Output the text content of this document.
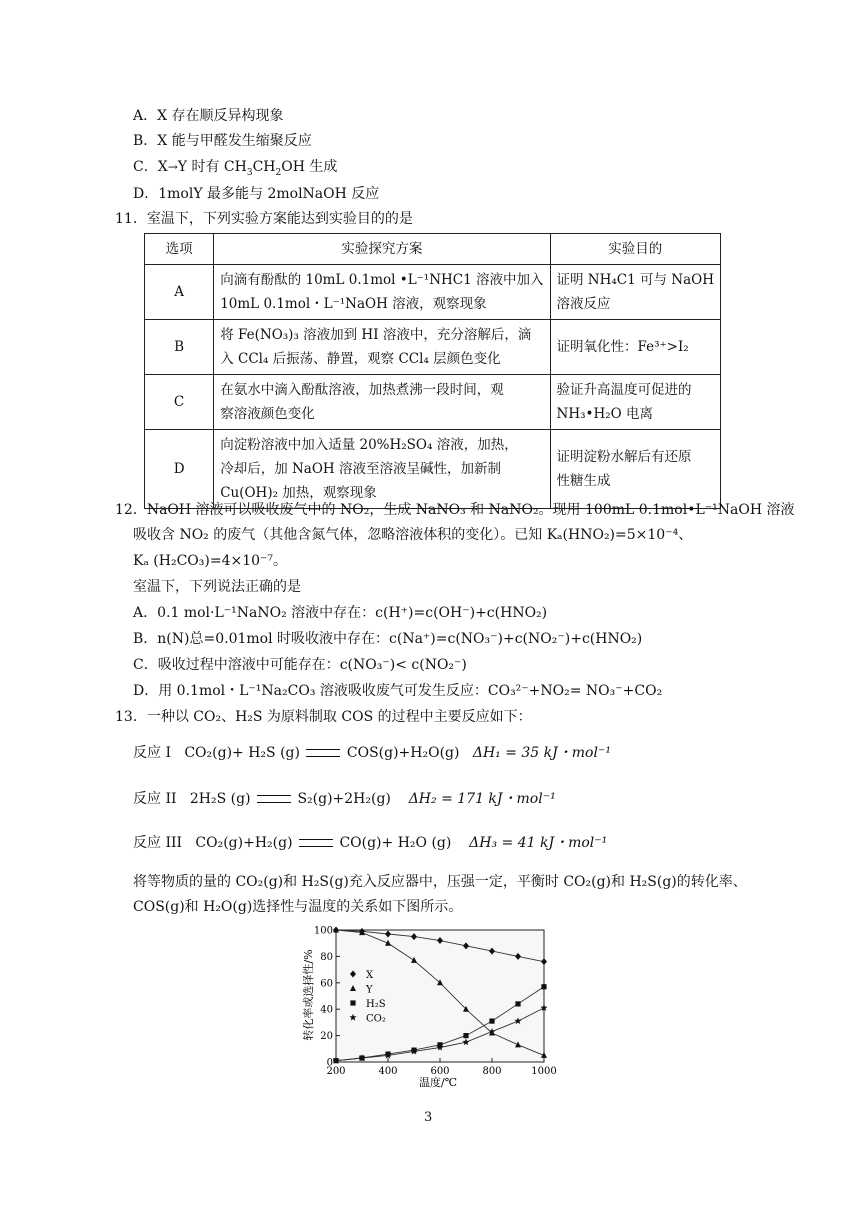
A．X 存在顺反异构现象
B．X 能与甲醛发生缩聚反应
C．X→Y 时有 $CH_3CH_2OH$ 生成
D．1molY 最多能与 2molNaOH 反应
11．室温下，下列实验方案能达到实验目的的是
选项	实验探究方案	实验目的
A	向滴有酚酞的 10mL 0.1mol •L⁻¹NHC1 溶液中加入
10mL 0.1mol・L⁻¹NaOH 溶液，观察现象	证明 NH₄C1 可与 NaOH
溶液反应

B	将 Fe(NO₃)₃ 溶液加到 HI 溶液中，充分溶解后，滴
入 CCl₄ 后振荡、静置，观察 CCl₄ 层颜色变化	证明氧化性：Fe³⁺>I₂

C	在氨水中滴入酚酞溶液，加热煮沸一段时间，观
察溶液颜色变化	验证升高温度可促进的
NH₃•H₂O 电离

D	向淀粉溶液中加入适量 20%H₂SO₄ 溶液，加热，
冷却后，加 NaOH 溶液至溶液呈碱性，加新制
Cu(OH)₂ 加热，观察现象	证明淀粉水解后有还原
性糖生成
12．NaOH 溶液可以吸收废气中的 NO₂，生成 NaNO₃ 和 NaNO₂。现用 100mL 0.1mol•L⁻¹NaOH 溶液
吸收含 NO₂ 的废气（其他含氮气体，忽略溶液体积的变化）。已知 Kₐ(HNO₂)=5×10⁻⁴、
Kₐ (H₂CO₃)=4×10⁻⁷。
室温下，下列说法正确的是
A．0.1 mol·L⁻¹NaNO₂ 溶液中存在：c(H⁺)=c(OH⁻)+c(HNO₂)
B．n(N)总=0.01mol 时吸收液中存在：c(Na⁺)=c(NO₃⁻)+c(NO₂⁻)+c(HNO₂)
C．吸收过程中溶液中可能存在：c(NO₃⁻)< c(NO₂⁻)
D．用 0.1mol・L⁻¹Na₂CO₃ 溶液吸收废气可发生反应：CO₃²⁻+NO₂= NO₃⁻+CO₂
13．一种以 CO₂、H₂S 为原料制取 COS 的过程中主要反应如下：
反应 I CO₂(g)+ H₂S (g)	COS(g)+H₂O(g) ΔH₁ = 35 kJ・mol⁻¹
反应 II 2H₂S (g)	S₂(g)+2H₂(g) ΔH₂ = 171 kJ・mol⁻¹
反应 III CO₂(g)+H₂(g)	CO(g)+ H₂O (g) ΔH₃ = 41 kJ・mol⁻¹
将等物质的量的 CO₂(g)和 H₂S(g)充入反应器中，压强一定，平衡时 CO₂(g)和 H₂S(g)的转化率、
COS(g)和 H₂O(g)选择性与温度的关系如下图所示。
转化率或选择性/%
温度/℃
200	400	600	800	1000
0
20
40
60
80
100
X
Y
H₂S
CO₂
3
